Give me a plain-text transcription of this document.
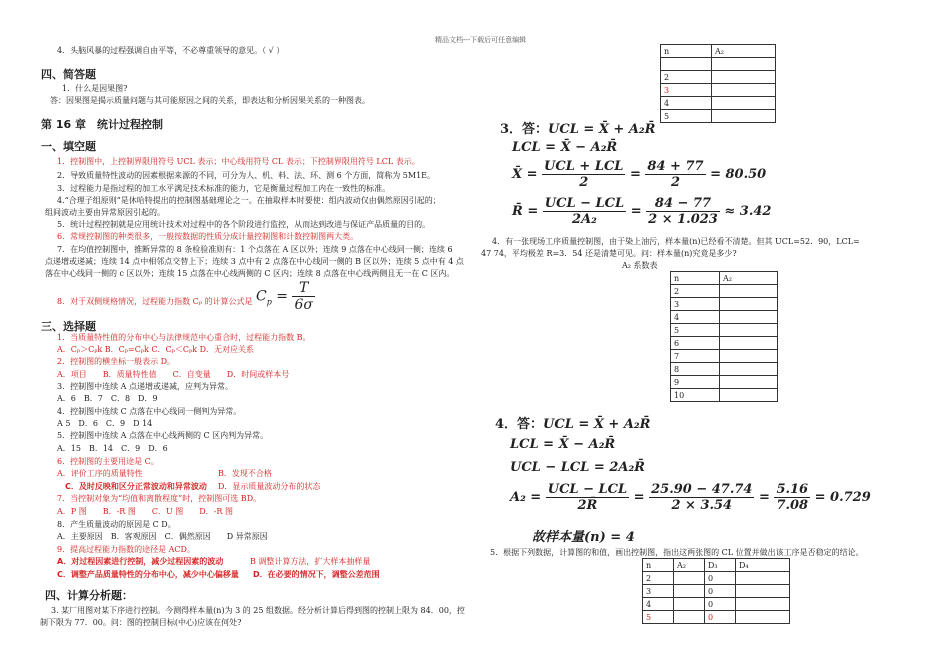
精品文档---下载后可任意编辑
4．头脑风暴的过程强调自由平等，不必尊重领导的意见。（ √ ）
四、简答题
1．什么是因果图?
答：因果图是揭示质量问题与其可能原因之间的关系，即表达和分析因果关系的一种图表。
第 16 章　统计过程控制
一、填空题
1．控制图中，上控制界限用符号 UCL 表示；中心线用符号 CL 表示；下控制界限用符号 LCL 表示。
2．导致质量特性波动的因素根据来源的不同，可分为人、机、料、法、环、测 6 个方面，简称为 5M1E。
3．过程能力是指过程的加工水平满足技术标准的能力，它是衡量过程加工内在一致性的标准。
4.“合理子组原则”是休哈特提出的控制图基础理论之一。在抽取样本时要使：组内波动仅由偶然原因引起的；
组间波动主要由异常原因引起的。
5．统计过程控制就是应用统计技术对过程中的各个阶段进行监控，从而达到改进与保证产品质量的目的。
6．常规控制图的种类很多，一般按数据的性质分成计量控制图和计数控制图两大类。
7．在均值控制图中，推断异常的 8 条检验准则有：1 个点落在 A 区以外；连续 9 点落在中心线同一侧；连续 6
点递增或递减；连续 14 点中相邻点交替上下；连续 3 点中有 2 点落在中心线同一侧的 B 区以外；连续 5 点中有 4 点
落在中心线同一侧的 c 区以外；连续 15 点落在中心线两侧的 C 区内；连续 8 点落在中心线两侧且无一在 C 区内。
8．对于双侧规格情况，过程能力指数 Cₚ 的计算公式是 $C_p = \frac{T}{6\sigma}$
三、选择题
1．当质量特性值的分布中心与法律规范中心重合时，过程能力指数 B。
A．Cₚ＞Cₚk B．Cₚ=Cₚk C．Cₚ＜Cₚk D．无对应关系
2．控制图的横坐标一般表示 D。
A．项目　　B．质量特性值　　C．自变量　　D．时间或样本号
3．控制图中连续 A 点递增或递减，应判为异常。
A．6　B．7　C．8　D．9
4．控制图中连续 C 点落在中心线同一侧判为异常。
A 5　D．6　C．9　D 14
5．控制图中连续 A 点落在中心线两侧的 C 区内判为异常。
A．15　B．14　C．9　D．6
6．控制图的主要用途是 C。
A．评价工序的质量特性	B．发现不合格
C．及时反映和区分正常波动和异常波动 D．显示质量波动分布的状态
7．当控制对象为“均值和离散程度”时，控制图可选 BD。
A．P 图　　B．-R 图　　C．U 图　　D．-R 图
8．产生质量波动的原因是 C D。
A．主要原因　B．客观原因　C．偶然原因　　D 异常原因
9．提高过程能力指数的途径是 ACD。
A．对过程因素进行控制，减少过程因素的波动	B 调整计算方法，扩大样本抽样量
C．调整产品质量特性的分布中心，减少中心偏移量 D．在必要的情况下，调整公差范围
四、计算分析题：
3. 某厂用图对某下序进行控制。今测得样本量(n)为 3 的 25 组数据。经分析计算后得到图的控制上限为 84．00，控
制下限为 77．00。问：图的控制目标(中心)应该在何处?
n	A₂

2	
3	
4	
5	
3．答：UCL = X̄ + A₂R̄
LCL = X̄ − A₂R̄
X̄ = $\frac{\text{UCL + LCL}}{2} = \frac{84 + 77}{2} = 80.50$
R̄ = $\frac{\text{UCL − LCL}}{\text{2A₂}} = \frac{84 - 77}{2 \times 1.023} \approx 3.42$
4．有一张现场工序质量控制图，由于染上油污，样本量(n)已经看不清楚。但其 UCL=52．90，LCL=
47 74，平均极差 R=3．54 还是清楚可见。问：样本量(n)究竟是多少?
A₂ 系数表
n	A₂
2	
3	
4	
5	
6	
7	
8	
9	
10	
4．答：UCL = X̄ + A₂R̄
LCL = X̄ − A₂R̄
UCL − LCL = 2A₂R̄
$A_2 = \frac{\text{UCL − LCL}}{2R̄} = \frac{25.90 - 47.74}{2 \times 3.54} = \frac{5.16}{7.08} = 0.729$
故样本量(n) = 4
5．根据下列数据，计算图的和值，画出控制图，指出这两张图的 CL 位置并做出该工序是否稳定的结论。
n	A₂	D₃	D₄
2		0	
3		0	
4		0	
5		0	
